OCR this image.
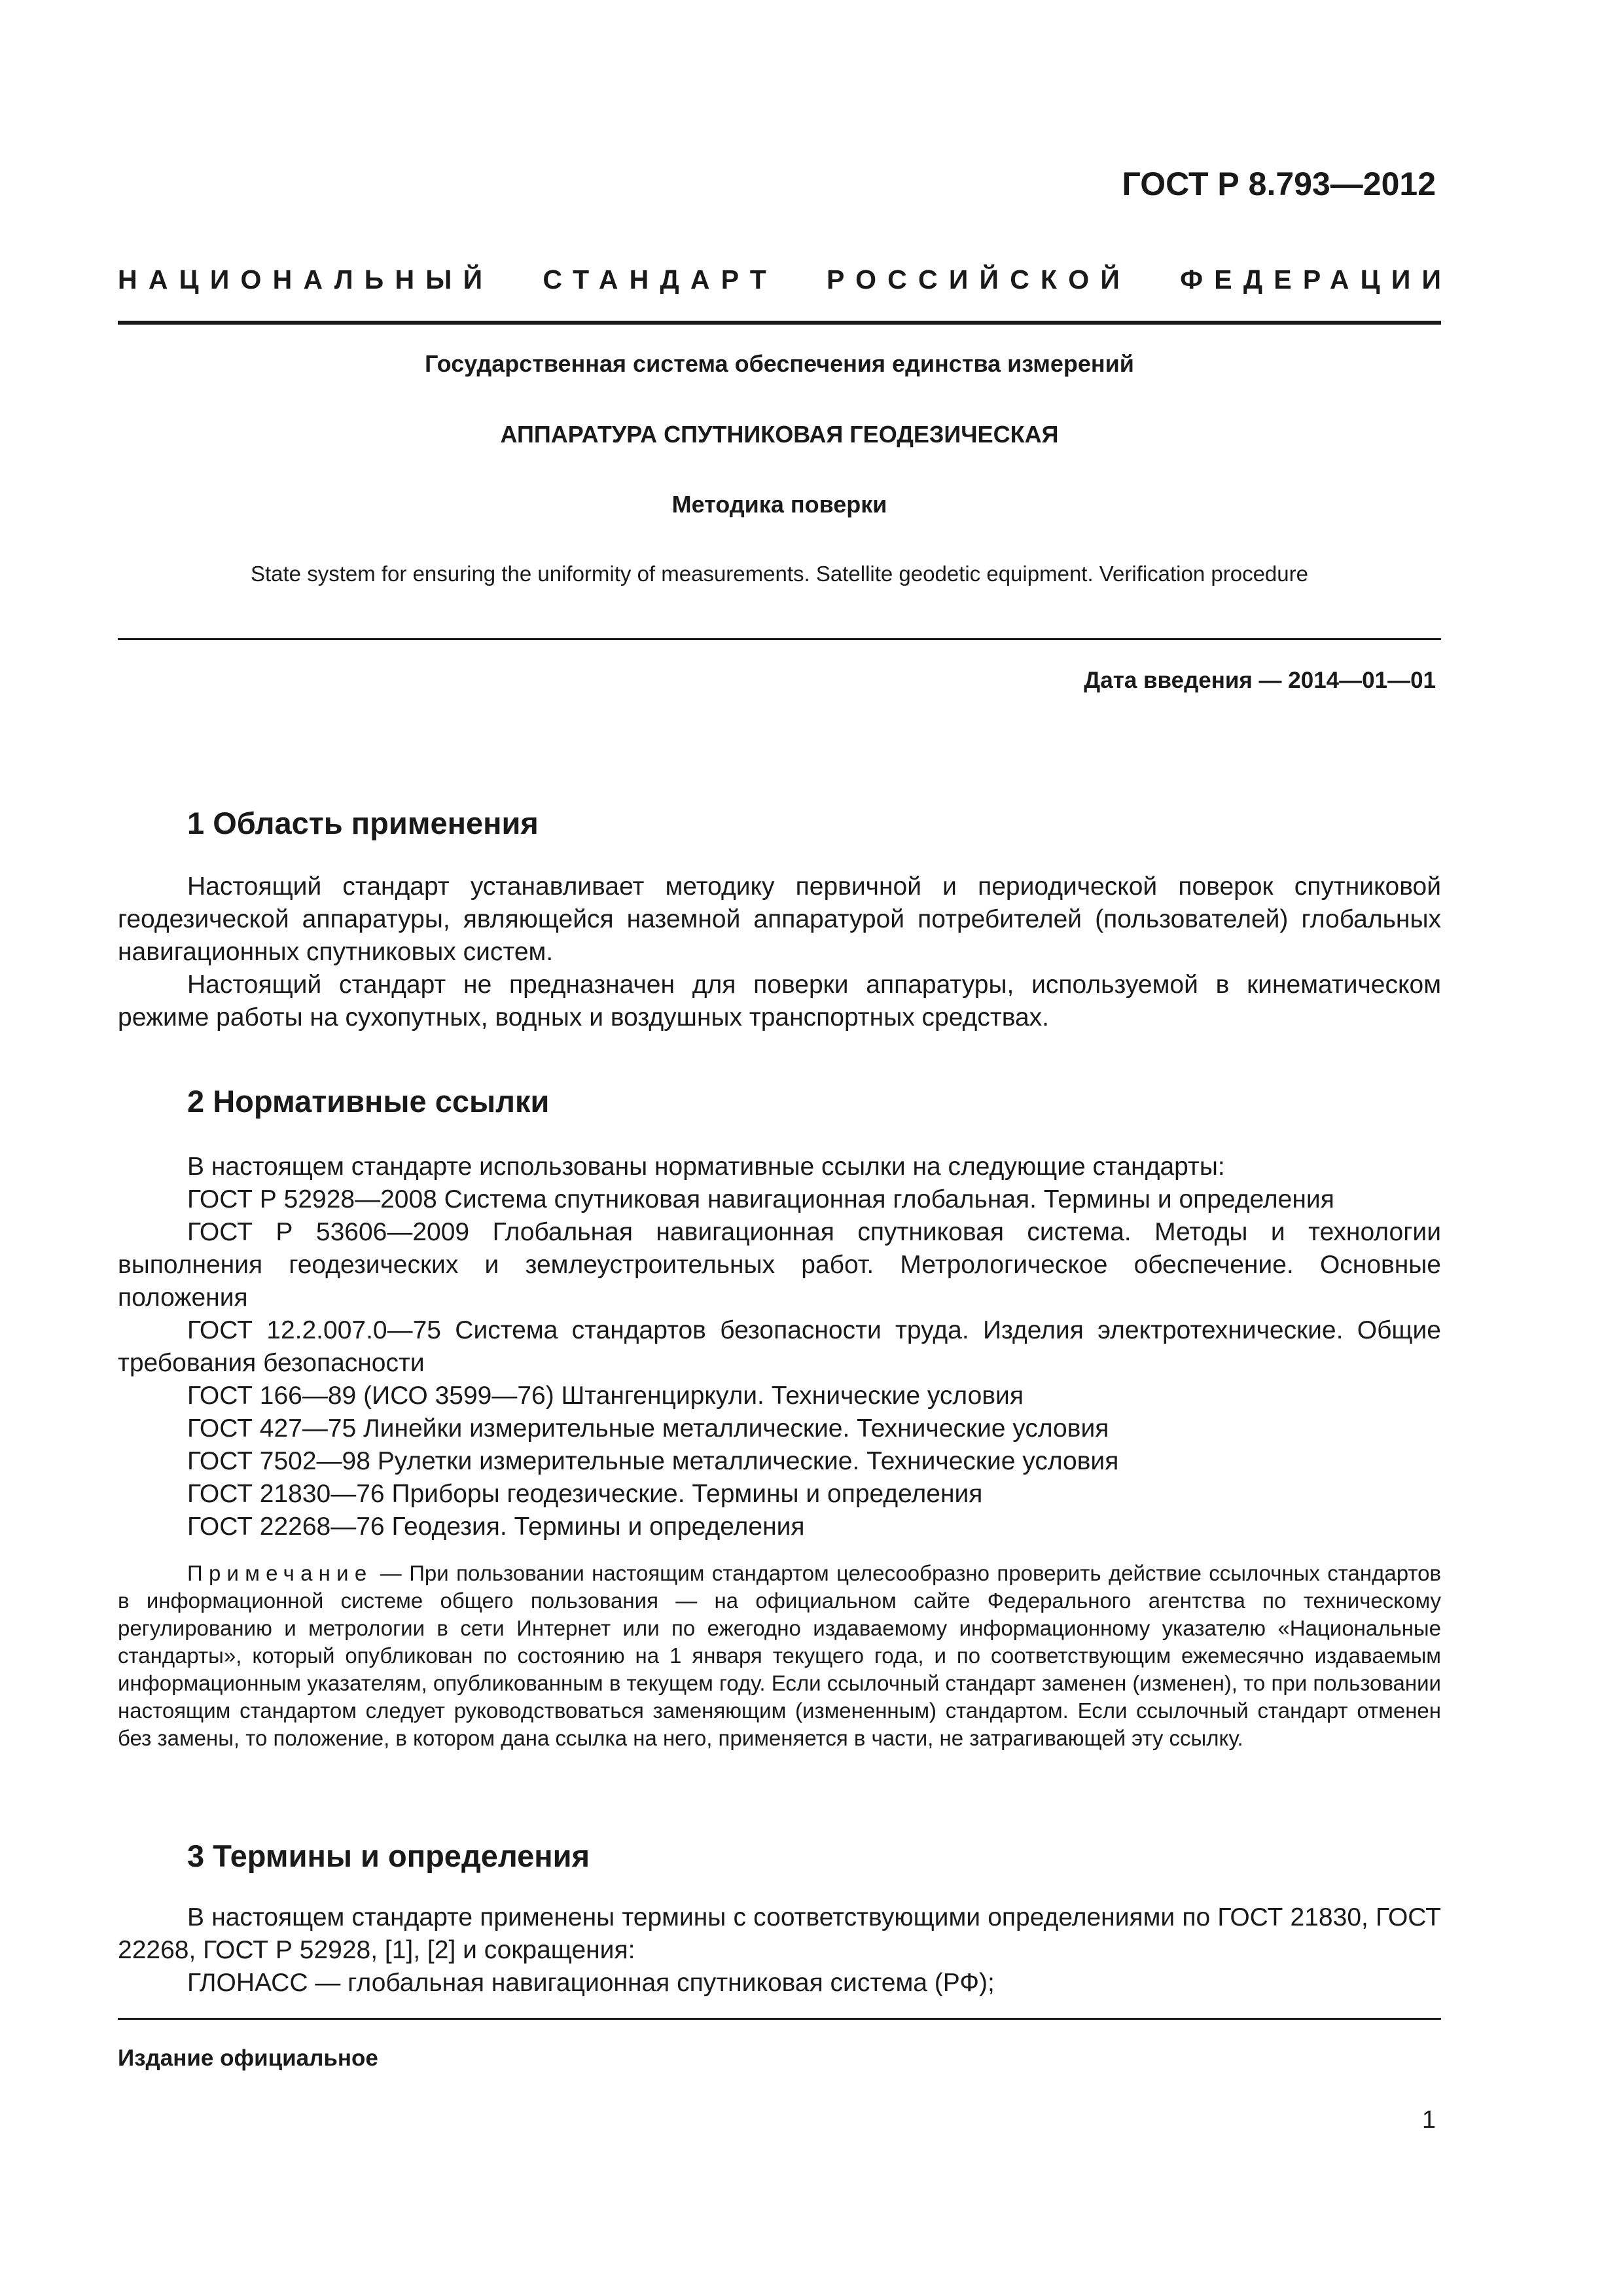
ГОСТ Р 8.793—2012
НАЦИОНАЛЬНЫЙ СТАНДАРТ РОССИЙСКОЙ ФЕДЕРАЦИИ
Государственная система обеспечения единства измерений
АППАРАТУРА СПУТНИКОВАЯ ГЕОДЕЗИЧЕСКАЯ
Методика поверки
State system for ensuring the uniformity of measurements. Satellite geodetic equipment. Verification procedure
Дата введения — 2014—01—01
1 Область применения

Настоящий стандарт устанавливает методику первичной и периодической поверок спутниковой геодезической аппаратуры, являющейся наземной аппаратурой потребителей (пользователей) глобальных навигационных спутниковых систем.

Настоящий стандарт не предназначен для поверки аппаратуры, используемой в кинематическом режиме работы на сухопутных, водных и воздушных транспортных средствах.

2 Нормативные ссылки

В настоящем стандарте использованы нормативные ссылки на следующие стандарты:

ГОСТ Р 52928—2008 Система спутниковая навигационная глобальная. Термины и определения

ГОСТ Р 53606—2009 Глобальная навигационная спутниковая система. Методы и технологии выполнения геодезических и землеустроительных работ. Метрологическое обеспечение. Основные положения

ГОСТ 12.2.007.0—75 Система стандартов безопасности труда. Изделия электротехнические. Общие требования безопасности

ГОСТ 166—89 (ИСО 3599—76) Штангенциркули. Технические условия

ГОСТ 427—75 Линейки измерительные металлические. Технические условия

ГОСТ 7502—98 Рулетки измерительные металлические. Технические условия

ГОСТ 21830—76 Приборы геодезические. Термины и определения

ГОСТ 22268—76 Геодезия. Термины и определения

Примечание — При пользовании настоящим стандартом целесообразно проверить действие ссылочных стандартов в информационной системе общего пользования — на официальном сайте Федерального агентства по техническому регулированию и метрологии в сети Интернет или по ежегодно издаваемому информационному указателю «Национальные стандарты», который опубликован по состоянию на 1 января текущего года, и по соответствующим ежемесячно издаваемым информационным указателям, опубликованным в текущем году. Если ссылочный стандарт заменен (изменен), то при пользовании настоящим стандартом следует руководствоваться заменяющим (измененным) стандартом. Если ссылочный стандарт отменен без замены, то положение, в котором дана ссылка на него, применяется в части, не затрагивающей эту ссылку.

3 Термины и определения

В настоящем стандарте применены термины с соответствующими определениями по ГОСТ 21830, ГОСТ 22268, ГОСТ Р 52928, [1], [2] и сокращения:

ГЛОНАСС — глобальная навигационная спутниковая система (РФ);

Издание официальное
1
